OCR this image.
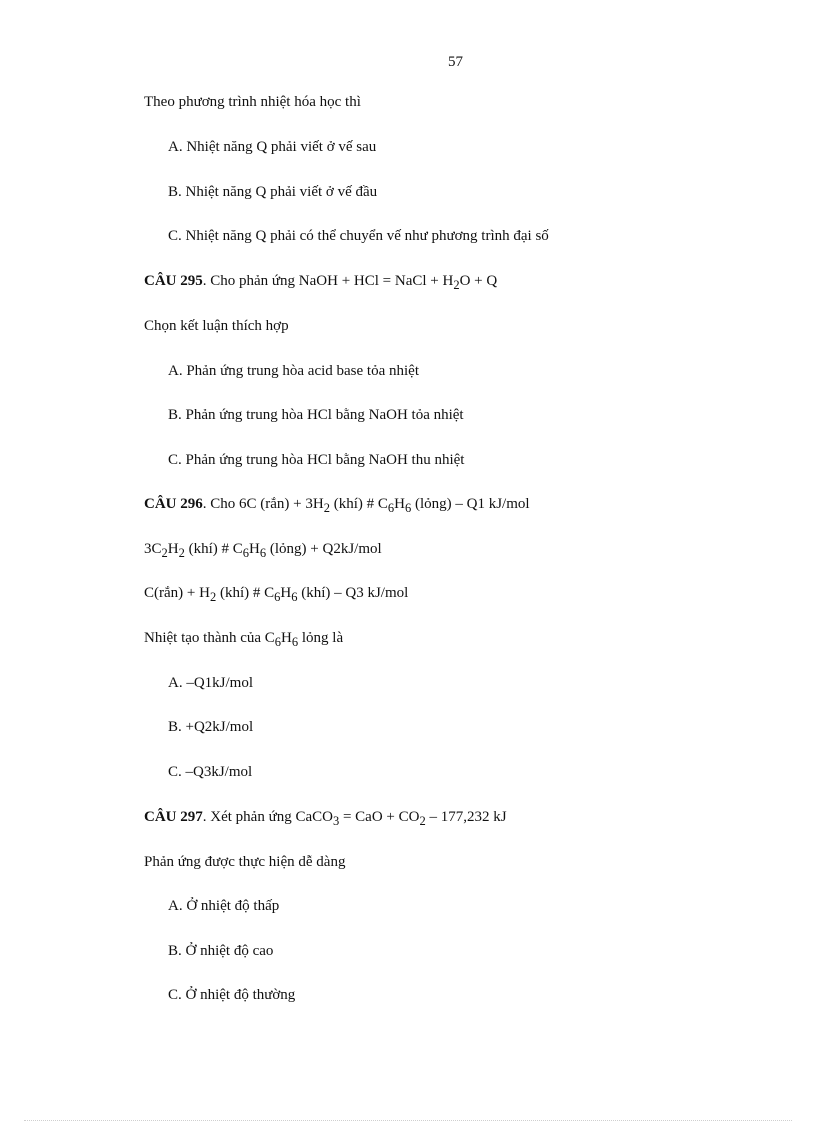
57
Theo phương trình nhiệt hóa học thì
A. Nhiệt năng Q phải viết ở vế sau
B. Nhiệt năng Q phải viết ở vế đầu
C. Nhiệt năng Q phải có thể chuyển vế như phương trình đại số
CÂU 295. Cho phản ứng NaOH + HCl = NaCl + $H_2O + Q$
Chọn kết luận thích hợp
A. Phản ứng trung hòa acid base tỏa nhiệt
B. Phản ứng trung hòa HCl bằng NaOH tỏa nhiệt
C. Phản ứng trung hòa HCl bằng NaOH thu nhiệt
CÂU 296. Cho 6C (rắn) + $3H_2$ (khí) # $C_6H_6$ (lỏng) – Q1 kJ/mol
$3C_2H_2$ (khí) # $C_6H_6$ (lỏng) + Q2kJ/mol
C(rắn) + $H_2$ (khí) # $C_6H_6$ (khí) – Q3 kJ/mol
Nhiệt tạo thành của $C_6H_6$ lỏng là
A. –Q1kJ/mol
B. +Q2kJ/mol
C. –Q3kJ/mol
CÂU 297. Xét phản ứng CaCO$_3$ = CaO + $CO_2 - 177,232$ kJ
Phản ứng được thực hiện dễ dàng
A. Ở nhiệt độ thấp
B. Ở nhiệt độ cao
C. Ở nhiệt độ thường
